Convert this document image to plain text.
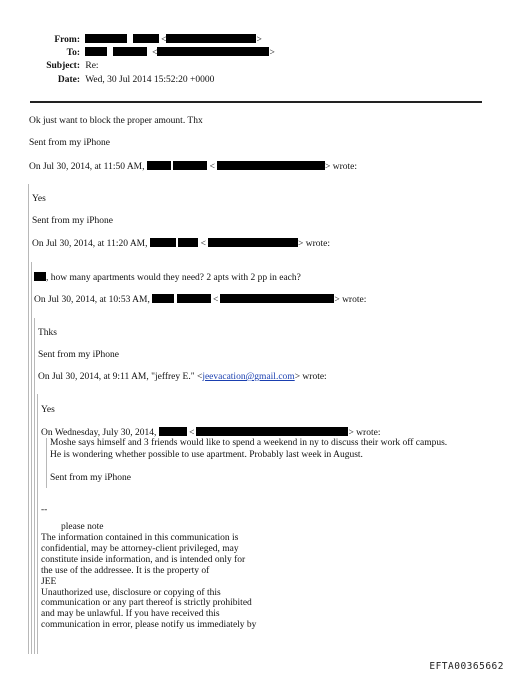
From:	<	>
To:	<	>
Subject: Re:
Date: Wed, 30 Jul 2014 15:52:20 +0000
Ok just want to block the proper amount. Thx
Sent from my iPhone
On Jul 30, 2014, at 11:50 AM,	<	> wrote:
Yes
Sent from my iPhone
On Jul 30, 2014, at 11:20 AM,	<	> wrote:
, how many apartments would they need? 2 apts with 2 pp in each?
On Jul 30, 2014, at 10:53 AM,	<	> wrote:
Thks
Sent from my iPhone
On Jul 30, 2014, at 9:11 AM, "jeffrey E." <jeevacation@gmail.com> wrote:
Yes
On Wednesday, July 30, 2014,	<	> wrote:
Moshe says himself and 3 friends would like to spend a weekend in ny to discuss their work off campus.
He is wondering whether possible to use apartment. Probably last week in August.
Sent from my iPhone
--
please note
The information contained in this communication is
confidential, may be attorney-client privileged, may
constitute inside information, and is intended only for
the use of the addressee. It is the property of
JEE
Unauthorized use, disclosure or copying of this
communication or any part thereof is strictly prohibited
and may be unlawful. If you have received this
communication in error, please notify us immediately by
EFTA00365662
